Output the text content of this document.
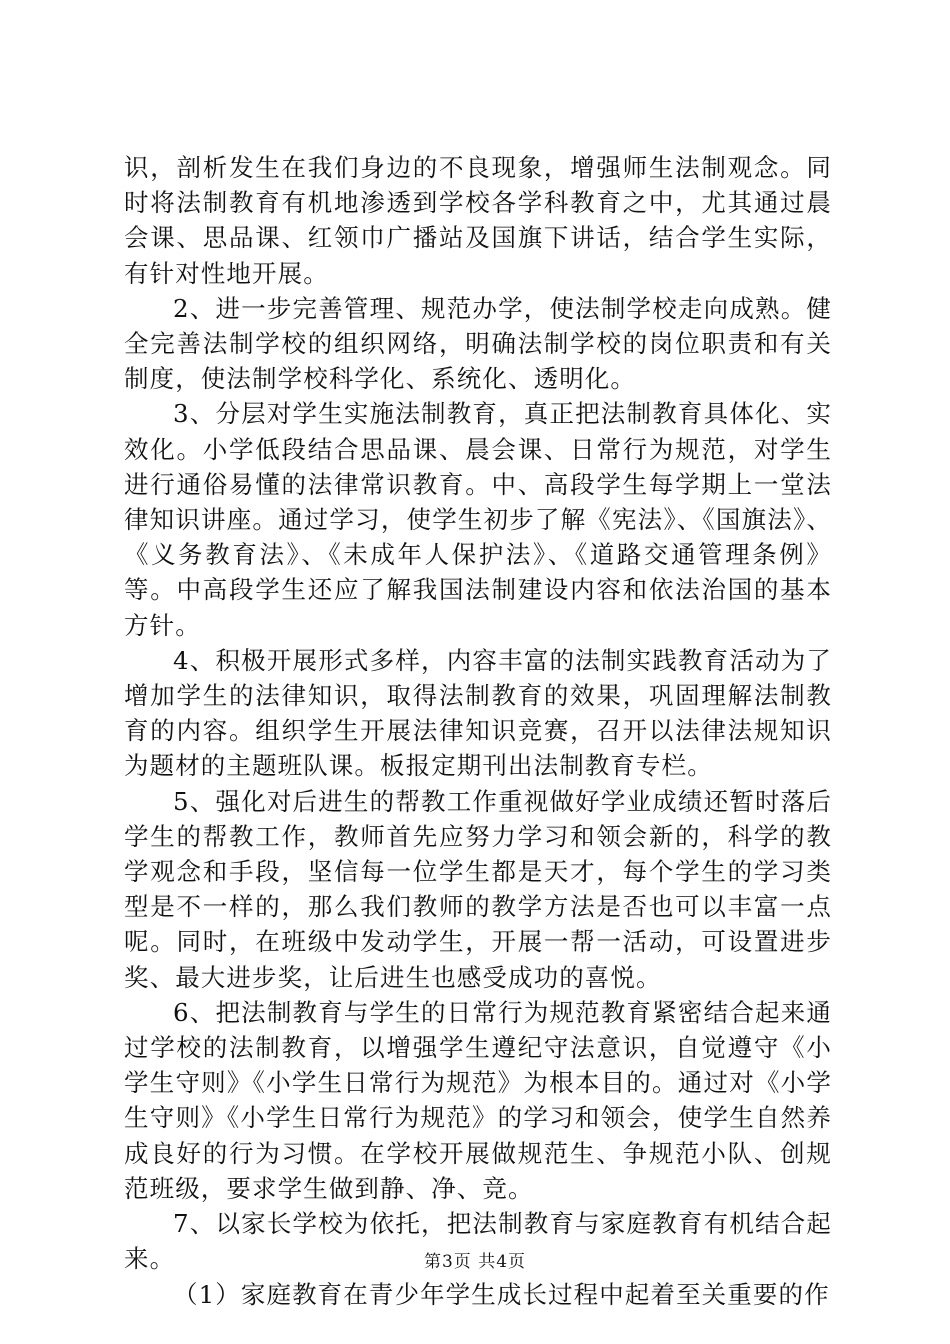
识，剖析发生在我们身边的不良现象，增强师生法制观念。同时将法制教育有机地渗透到学校各学科教育之中，尤其通过晨会课、思品课、红领巾广播站及国旗下讲话，结合学生实际，有针对性地开展。

2、进一步完善管理、规范办学，使法制学校走向成熟。健全完善法制学校的组织网络，明确法制学校的岗位职责和有关制度，使法制学校科学化、系统化、透明化。

3、分层对学生实施法制教育，真正把法制教育具体化、实效化。小学低段结合思品课、晨会课、日常行为规范，对学生进行通俗易懂的法律常识教育。中、高段学生每学期上一堂法律知识讲座。通过学习，使学生初步了解《宪法》、《国旗法》、《义务教育法》、《未成年人保护法》、《道路交通管理条例》等。中高段学生还应了解我国法制建设内容和依法治国的基本方针。

4、积极开展形式多样，内容丰富的法制实践教育活动为了增加学生的法律知识，取得法制教育的效果，巩固理解法制教育的内容。组织学生开展法律知识竞赛，召开以法律法规知识为题材的主题班队课。板报定期刊出法制教育专栏。

5、强化对后进生的帮教工作重视做好学业成绩还暂时落后学生的帮教工作，教师首先应努力学习和领会新的，科学的教学观念和手段，坚信每一位学生都是天才，每个学生的学习类型是不一样的，那么我们教师的教学方法是否也可以丰富一点呢。同时，在班级中发动学生，开展一帮一活动，可设置进步奖、最大进步奖，让后进生也感受成功的喜悦。

6、把法制教育与学生的日常行为规范教育紧密结合起来通过学校的法制教育，以增强学生遵纪守法意识，自觉遵守《小学生守则》《小学生日常行为规范》为根本目的。通过对《小学生守则》《小学生日常行为规范》的学习和领会，使学生自然养成良好的行为习惯。在学校开展做规范生、争规范小队、创规范班级，要求学生做到静、净、竞。

7、以家长学校为依托，把法制教育与家庭教育有机结合起来。

（1）家庭教育在青少年学生成长过程中起着至关重要的作

第3页 共4页
